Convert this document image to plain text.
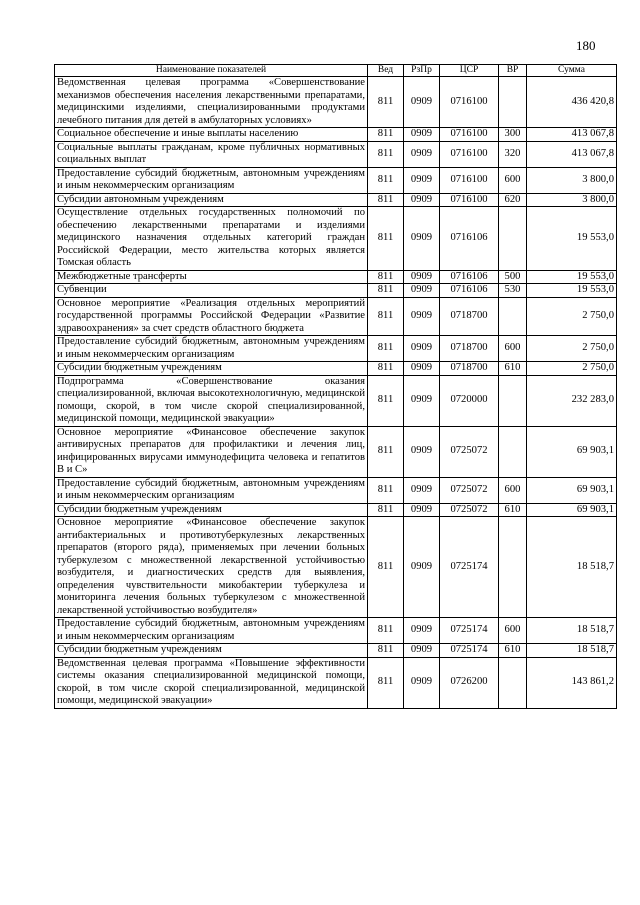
180
Наименование показателей	Вед	РзПр	ЦСР	ВР	Сумма
Ведомственная целевая программа «Совершенствование механизмов обеспечения населения лекарственными препаратами, медицинскими изделиями, специализированными продуктами лечебного питания для детей в амбулаторных условиях»	811	0909	0716100		436 420,8
Социальное обеспечение и иные выплаты населению	811	0909	0716100	300	413 067,8
Социальные выплаты гражданам, кроме публичных нормативных социальных выплат	811	0909	0716100	320	413 067,8
Предоставление субсидий бюджетным, автономным учреждениям и иным некоммерческим организациям	811	0909	0716100	600	3 800,0
Субсидии автономным учреждениям	811	0909	0716100	620	3 800,0
Осуществление отдельных государственных полномочий по обеспечению лекарственными препаратами и изделиями медицинского назначения отдельных категорий граждан Российской Федерации, место жительства которых является Томская область	811	0909	0716106		19 553,0
Межбюджетные трансферты	811	0909	0716106	500	19 553,0
Субвенции	811	0909	0716106	530	19 553,0
Основное мероприятие «Реализация отдельных мероприятий государственной программы Российской Федерации «Развитие здравоохранения» за счет средств областного бюджета	811	0909	0718700		2 750,0
Предоставление субсидий бюджетным, автономным учреждениям и иным некоммерческим организациям	811	0909	0718700	600	2 750,0
Субсидии бюджетным учреждениям	811	0909	0718700	610	2 750,0
Подпрограмма «Совершенствование оказания специализированной, включая высокотехнологичную, медицинской помощи, скорой, в том числе скорой специализированной, медицинской помощи, медицинской эвакуации»	811	0909	0720000		232 283,0
Основное мероприятие «Финансовое обеспечение закупок антивирусных препаратов для профилактики и лечения лиц, инфицированных вирусами иммунодефицита человека и гепатитов В и С»	811	0909	0725072		69 903,1
Предоставление субсидий бюджетным, автономным учреждениям и иным некоммерческим организациям	811	0909	0725072	600	69 903,1
Субсидии бюджетным учреждениям	811	0909	0725072	610	69 903,1
Основное мероприятие «Финансовое обеспечение закупок антибактериальных и противотуберкулезных лекарственных препаратов (второго ряда), применяемых при лечении больных туберкулезом с множественной лекарственной устойчивостью возбудителя, и диагностических средств для выявления, определения чувствительности микобактерии туберкулеза и мониторинга лечения больных туберкулезом с множественной лекарственной устойчивостью возбудителя»	811	0909	0725174		18 518,7
Предоставление субсидий бюджетным, автономным учреждениям и иным некоммерческим организациям	811	0909	0725174	600	18 518,7
Субсидии бюджетным учреждениям	811	0909	0725174	610	18 518,7
Ведомственная целевая программа «Повышение эффективности системы оказания специализированной медицинской помощи, скорой, в том числе скорой специализированной, медицинской помощи, медицинской эвакуации»	811	0909	0726200		143 861,2
